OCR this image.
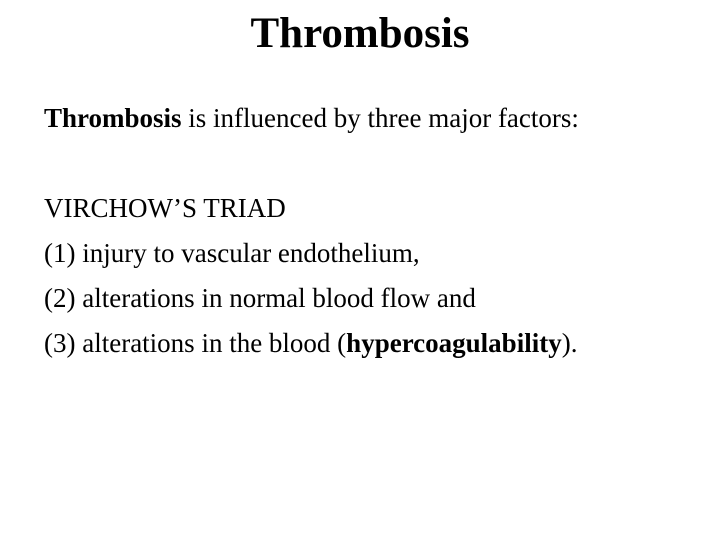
Thrombosis
Thrombosis is influenced by three major factors:
VIRCHOW’S TRIAD
(1) injury to vascular endothelium,
(2) alterations in normal blood flow and
(3) alterations in the blood (hypercoagulability).
